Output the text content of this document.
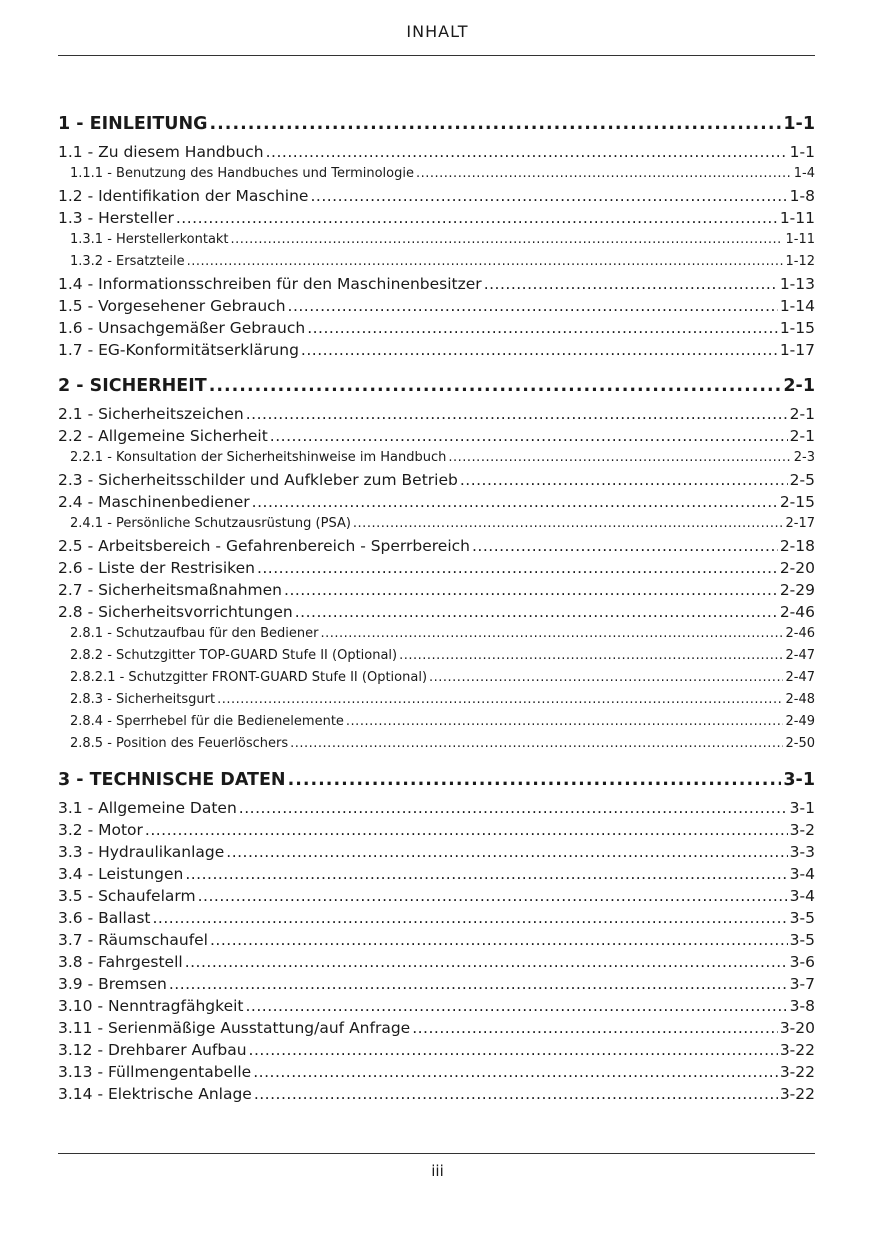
INHALT
1 - EINLEITUNG .....	1-1
1.1 - Zu diesem Handbuch .....	1-1
1.1.1 - Benutzung des Handbuches und Terminologie .....	1-4
1.2 - Identifikation der Maschine .....	1-8
1.3 - Hersteller .....	1-11
1.3.1 - Herstellerkontakt .....	1-11
1.3.2 - Ersatzteile .....	1-12
1.4 - Informationsschreiben für den Maschinenbesitzer .....	1-13
1.5 - Vorgesehener Gebrauch .....	1-14
1.6 - Unsachgemäßer Gebrauch .....	1-15
1.7 - EG-Konformitätserklärung .....	1-17
2 - SICHERHEIT .....	2-1
2.1 - Sicherheitszeichen .....	2-1
2.2 - Allgemeine Sicherheit .....	2-1
2.2.1 - Konsultation der Sicherheitshinweise im Handbuch .....	2-3
2.3 - Sicherheitsschilder und Aufkleber zum Betrieb .....	2-5
2.4 - Maschinenbediener .....	2-15
2.4.1 - Persönliche Schutzausrüstung (PSA) .....	2-17
2.5 - Arbeitsbereich - Gefahrenbereich - Sperrbereich .....	2-18
2.6 - Liste der Restrisiken .....	2-20
2.7 - Sicherheitsmaßnahmen .....	2-29
2.8 - Sicherheitsvorrichtungen .....	2-46
2.8.1 - Schutzaufbau für den Bediener .....	2-46
2.8.2 - Schutzgitter TOP-GUARD Stufe II (Optional) .....	2-47
2.8.2.1 - Schutzgitter FRONT-GUARD Stufe II (Optional) .....	2-47
2.8.3 - Sicherheitsgurt .....	2-48
2.8.4 - Sperrhebel für die Bedienelemente .....	2-49
2.8.5 - Position des Feuerlöschers .....	2-50
3 - TECHNISCHE DATEN .....	3-1
3.1 - Allgemeine Daten .....	3-1
3.2 - Motor .....	3-2
3.3 - Hydraulikanlage .....	3-3
3.4 - Leistungen .....	3-4
3.5 - Schaufelarm .....	3-4
3.6 - Ballast .....	3-5
3.7 - Räumschaufel .....	3-5
3.8 - Fahrgestell .....	3-6
3.9 - Bremsen .....	3-7
3.10 - Nenntragfähgkeit .....	3-8
3.11 - Serienmäßige Ausstattung/auf Anfrage .....	3-20
3.12 - Drehbarer Aufbau .....	3-22
3.13 - Füllmengentabelle .....	3-22
3.14 - Elektrische Anlage .....	3-22
iii
